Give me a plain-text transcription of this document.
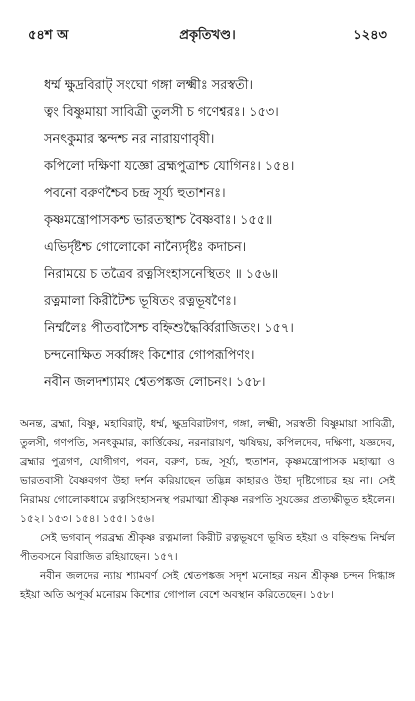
৫৪শ অ	প্রকৃতিখণ্ড।	১২৪৩
ধর্ম্ম ক্ষুদ্রবিরাট্‌ সংঘো গঙ্গা লক্ষ্মীঃ সরস্বতী।
ত্বং বিষ্ণুমায়া সাবিত্রী তুলসী চ গণেশ্বরঃ। ১৫৩।
সনৎকুমার স্কন্দশ্চ নর নারায়ণাবৃষী।
কপিলো দক্ষিণা যজ্ঞো ব্রহ্মপুত্রাশ্চ যোগিনঃ। ১৫৪।
পবনো বরুণশ্চৈব চন্দ্র সূর্য্য হুতাশনঃ।
কৃষ্ণমন্ত্রোপাসকশ্চ ভারতস্থাশ্চ বৈষ্ণবাঃ। ১৫৫॥
এভির্দৃষ্টশ্চ গোলোকো নান্যৈর্দৃষ্টঃ কদাচন।
নিরাময়ে চ তত্রৈব রত্নসিংহাসনেস্থিতং ॥ ১৫৬॥
রত্নমালা কিরীটৈশ্চ ভূষিতং রত্নভূষণৈঃ।
নির্ম্মলৈঃ পীতবাসৈশ্চ বহ্নিশুদ্ধৈর্ব্বিরাজিতং। ১৫৭।
চন্দনোক্ষিত সর্ব্বাঙ্গং কিশোর গোপরূপিণং।
নবীন জলদশ্যামং শ্বেতপঙ্কজ লোচনং। ১৫৮।

অনন্ত, ব্রহ্মা, বিষ্ণু, মহাবিরাট্‌, ধর্ম্ম, ক্ষুদ্রবিরাটগণ, গঙ্গা, লক্ষ্মী, সরস্বতী বিষ্ণুমায়া সাবিত্রী, তুলসী, গণপতি, সনৎকুমার, কার্ত্তিকেয়, নরনারায়ণ, ঋষিদ্বয়, কপিলদেব, দক্ষিণা, যজ্ঞদেব, ব্রহ্মার পুত্রগণ, যোগীগণ, পবন, বরুণ, চন্দ্র, সূর্য্য, হুতাশন, কৃষ্ণমন্ত্রোপাসক মহাত্মা ও ভারতবাসী বৈষ্ণবগণ উহা দর্শন করিয়াছেন তদ্ভিন্ন কাহারও উহা দৃষ্টিগোচর হয় না। সেই নিরাময় গোলোকধামে রত্নসিংহাসনস্থ পরমাত্মা শ্রীকৃষ্ণ নরপতি সুযজ্ঞের প্রত্যক্ষীভূত হইলেন। ১৫২। ১৫৩। ১৫৪। ১৫৫। ১৫৬।

সেই ভগবান্‌ পরব্রহ্ম শ্রীকৃষ্ণ রত্নমালা কিরীট রত্নভূষণে ভূষিত হইয়া ও বহ্নিশুদ্ধ নির্ম্মল পীতবসনে বিরাজিত রহিয়াছেন। ১৫৭।

নবীন জলদের ন্যায় শ্যামবর্ণ সেই শ্বেতপঙ্কজ সদৃশ মনোহর নয়ন শ্রীকৃষ্ণ চন্দন দিগ্ধাঙ্গ হইয়া অতি অপূর্ব্ব মনোরম কিশোর গোপাল বেশে অবস্থান করিতেছেন। ১৫৮।
